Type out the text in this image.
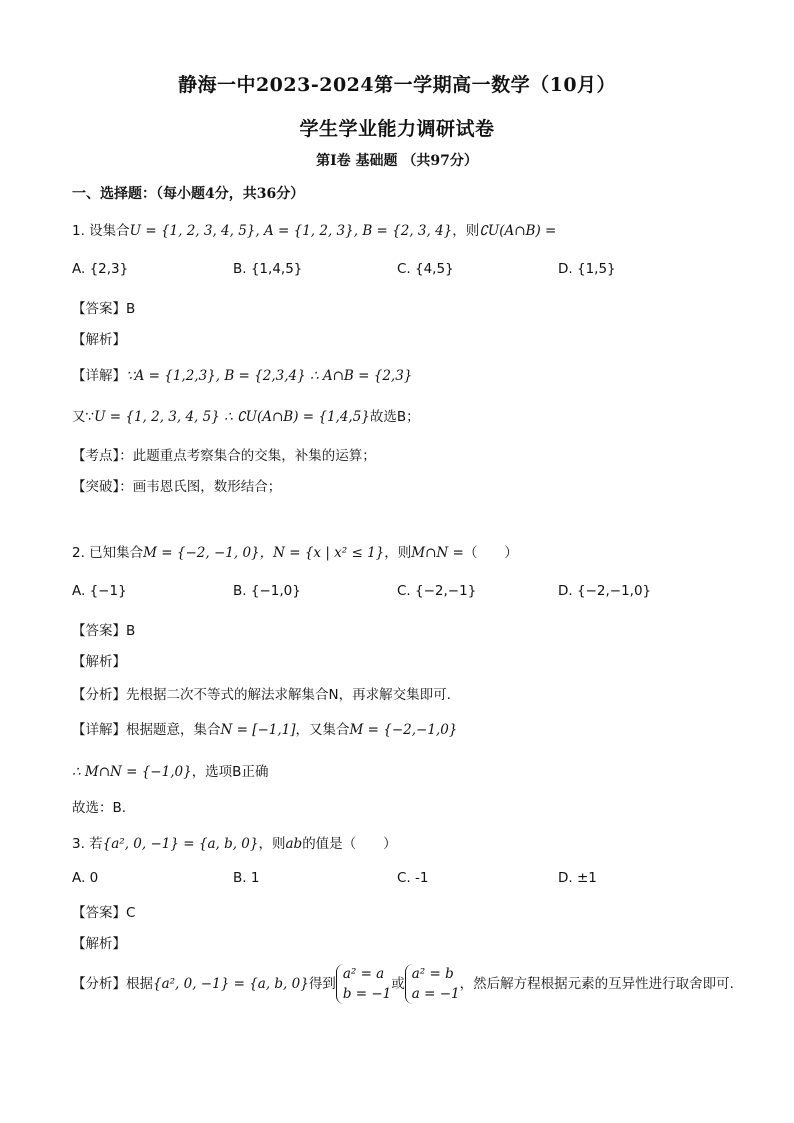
静海一中2023-2024第一学期高一数学（10月）
学生学业能力调研试卷
第Ⅰ卷 基础题 （共97分）
一、选择题：（每小题4分，共36分）
1. 设集合U = {1, 2, 3, 4, 5}, A = {1, 2, 3}, B = {2, 3, 4}，则∁U(A∩B) =
A. {2,3}	B. {1,4,5}	C. {4,5}	D. {1,5}
【答案】B
【解析】
【详解】∵A = {1,2,3}, B = {2,3,4} ∴ A∩B = {2,3}
又∵U = {1, 2, 3, 4, 5} ∴ ∁U(A∩B) = {1,4,5}故选B；
【考点】：此题重点考察集合的交集，补集的运算；
【突破】：画韦恩氏图，数形结合；
2. 已知集合M = {−2, −1, 0}，N = {x | x² ≤ 1}，则M∩N =（　　）
A. {−1}	B. {−1,0}	C. {−2,−1}	D. {−2,−1,0}
【答案】B
【解析】
【分析】先根据二次不等式的解法求解集合N，再求解交集即可.
【详解】根据题意，集合N = [−1,1]，又集合M = {−2,−1,0}
∴ M∩N = {−1,0}，选项B正确
故选：B.
3. 若{a², 0, −1} = {a, b, 0}，则ab的值是（　　）
A. 0	B. 1	C. -1	D. ±1
【答案】C
【解析】
【分析】根据{a², 0, −1} = {a, b, 0}得到a² = a
b = −1或a² = b
a = −1，然后解方程根据元素的互异性进行取舍即可.
